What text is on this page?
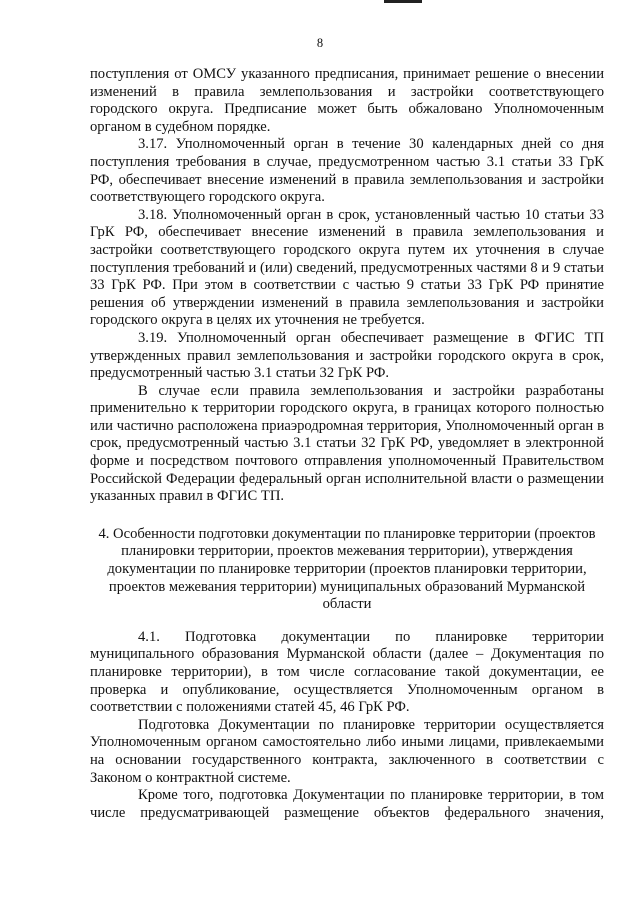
8

поступления от ОМСУ указанного предписания, принимает решение о внесении изменений в правила землепользования и застройки соответствующего городского округа. Предписание может быть обжаловано Уполномоченным органом в судебном порядке.

3.17. Уполномоченный орган в течение 30 календарных дней со дня поступления требования в случае, предусмотренном частью 3.1 статьи 33 ГрК РФ, обеспечивает внесение изменений в правила землепользования и застройки соответствующего городского округа.

3.18. Уполномоченный орган в срок, установленный частью 10 статьи 33 ГрК РФ, обеспечивает внесение изменений в правила землепользования и застройки соответствующего городского округа путем их уточнения в случае поступления требований и (или) сведений, предусмотренных частями 8 и 9 статьи 33 ГрК РФ. При этом в соответствии с частью 9 статьи 33 ГрК РФ принятие решения об утверждении изменений в правила землепользования и застройки городского округа в целях их уточнения не требуется.

3.19. Уполномоченный орган обеспечивает размещение в ФГИС ТП утвержденных правил землепользования и застройки городского округа в срок, предусмотренный частью 3.1 статьи 32 ГрК РФ.

В случае если правила землепользования и застройки разработаны применительно к территории городского округа, в границах которого полностью или частично расположена приаэродромная территория, Уполномоченный орган в срок, предусмотренный частью 3.1 статьи 32 ГрК РФ, уведомляет в электронной форме и посредством почтового отправления уполномоченный Правительством Российской Федерации федеральный орган исполнительной власти о размещении указанных правил в ФГИС ТП.

4. Особенности подготовки документации по планировке территории (проектов планировки территории, проектов межевания территории), утверждения документации по планировке территории (проектов планировки территории, проектов межевания территории) муниципальных образований Мурманской области

4.1. Подготовка документации по планировке территории муниципального образования Мурманской области (далее – Документация по планировке территории), в том числе согласование такой документации, ее проверка и опубликование, осуществляется Уполномоченным органом в соответствии с положениями статей 45, 46 ГрК РФ.

Подготовка Документации по планировке территории осуществляется Уполномоченным органом самостоятельно либо иными лицами, привлекаемыми на основании государственного контракта, заключенного в соответствии с Законом о контрактной системе.

Кроме того, подготовка Документации по планировке территории, в том числе предусматривающей размещение объектов федерального значения,
